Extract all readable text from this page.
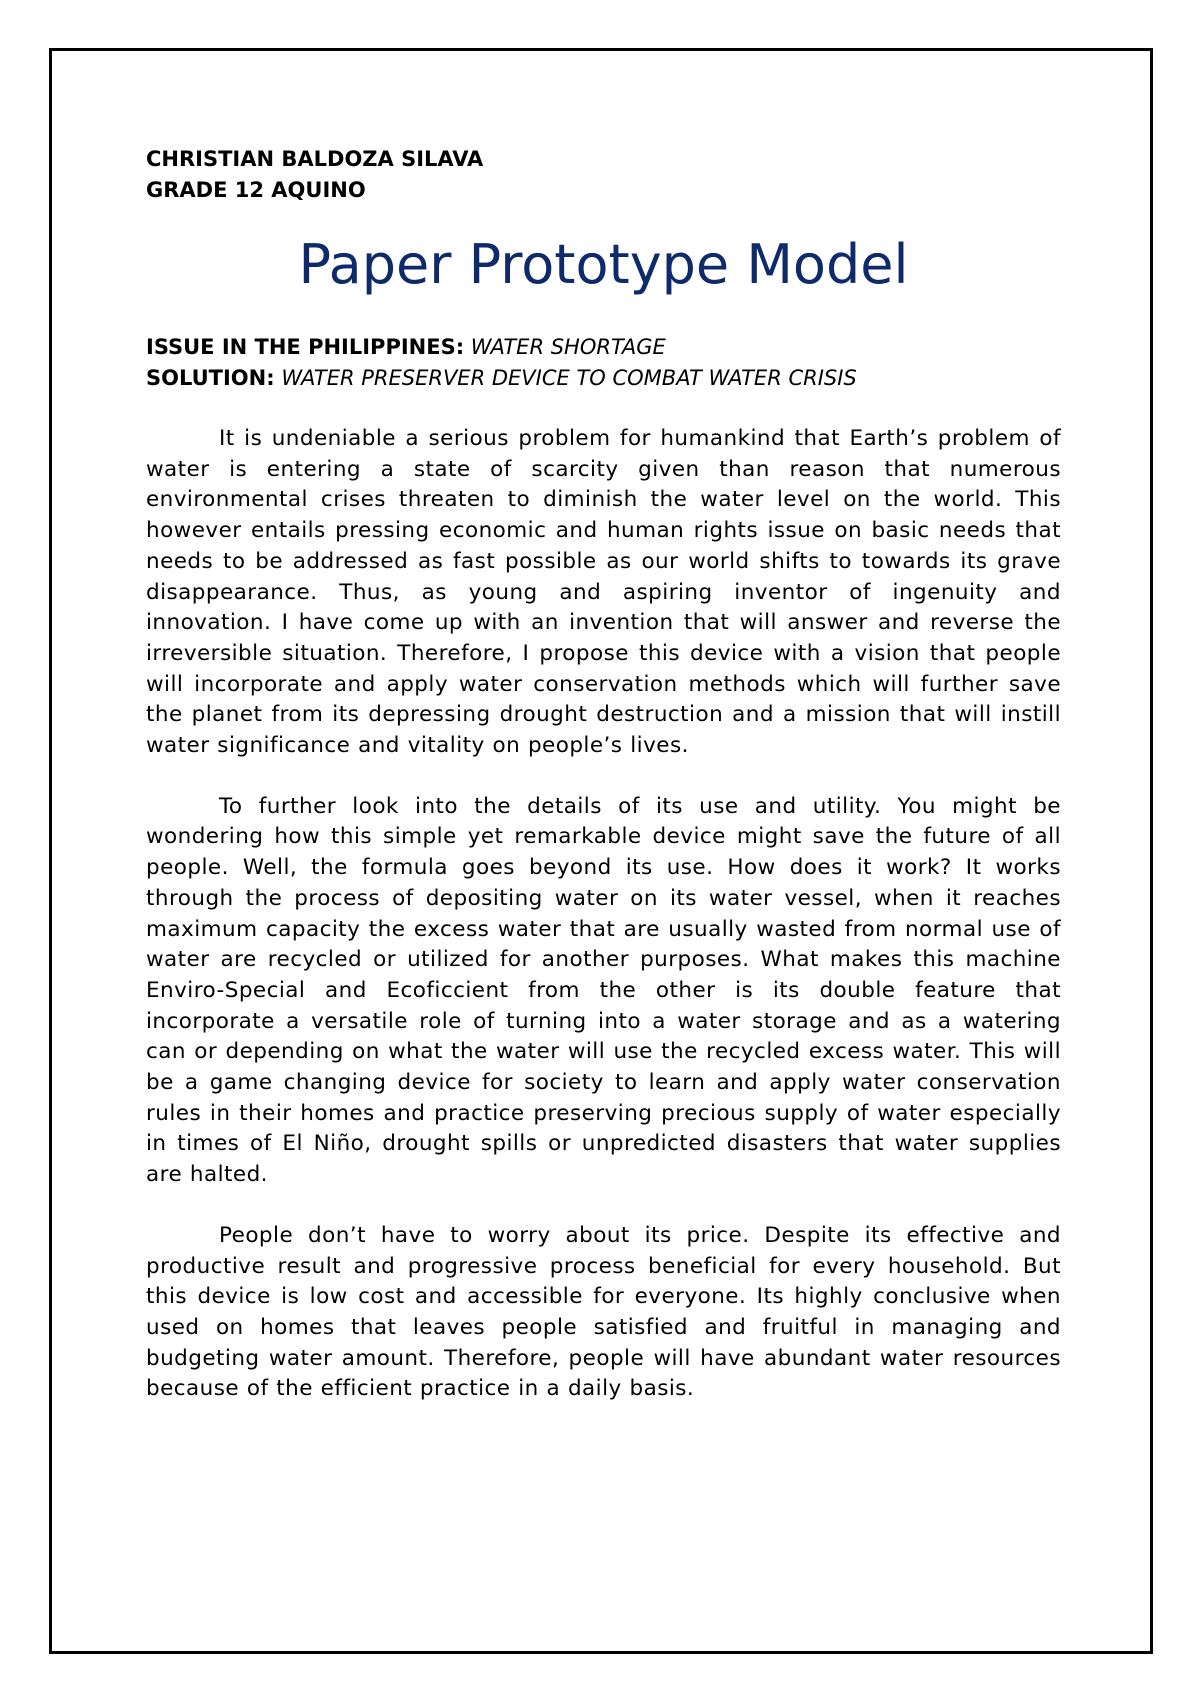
CHRISTIAN BALDOZA SILAVA

GRADE 12 AQUINO

Paper Prototype Model

ISSUE IN THE PHILIPPINES: WATER SHORTAGE

SOLUTION: WATER PRESERVER DEVICE TO COMBAT WATER CRISIS

It is undeniable a serious problem for humankind that Earth’s problem of water is entering a state of scarcity given than reason that numerous environmental crises threaten to diminish the water level on the world. This however entails pressing economic and human rights issue on basic needs that needs to be addressed as fast possible as our world shifts to towards its grave disappearance. Thus, as young and aspiring inventor of ingenuity and innovation. I have come up with an invention that will answer and reverse the irreversible situation. Therefore, I propose this device with a vision that people will incorporate and apply water conservation methods which will further save the planet from its depressing drought destruction and a mission that will instill water significance and vitality on people’s lives.

To further look into the details of its use and utility. You might be wondering how this simple yet remarkable device might save the future of all people. Well, the formula goes beyond its use. How does it work? It works through the process of depositing water on its water vessel, when it reaches maximum capacity the excess water that are usually wasted from normal use of water are recycled or utilized for another purposes. What makes this machine Enviro-Special and Ecoficcient from the other is its double feature that incorporate a versatile role of turning into a water storage and as a watering can or depending on what the water will use the recycled excess water. This will be a game changing device for society to learn and apply water conservation rules in their homes and practice preserving precious supply of water especially in times of El Niño, drought spills or unpredicted disasters that water supplies are halted.

People don’t have to worry about its price. Despite its effective and productive result and progressive process beneficial for every household. But this device is low cost and accessible for everyone. Its highly conclusive when used on homes that leaves people satisfied and fruitful in managing and budgeting water amount. Therefore, people will have abundant water resources because of the efficient practice in a daily basis.
